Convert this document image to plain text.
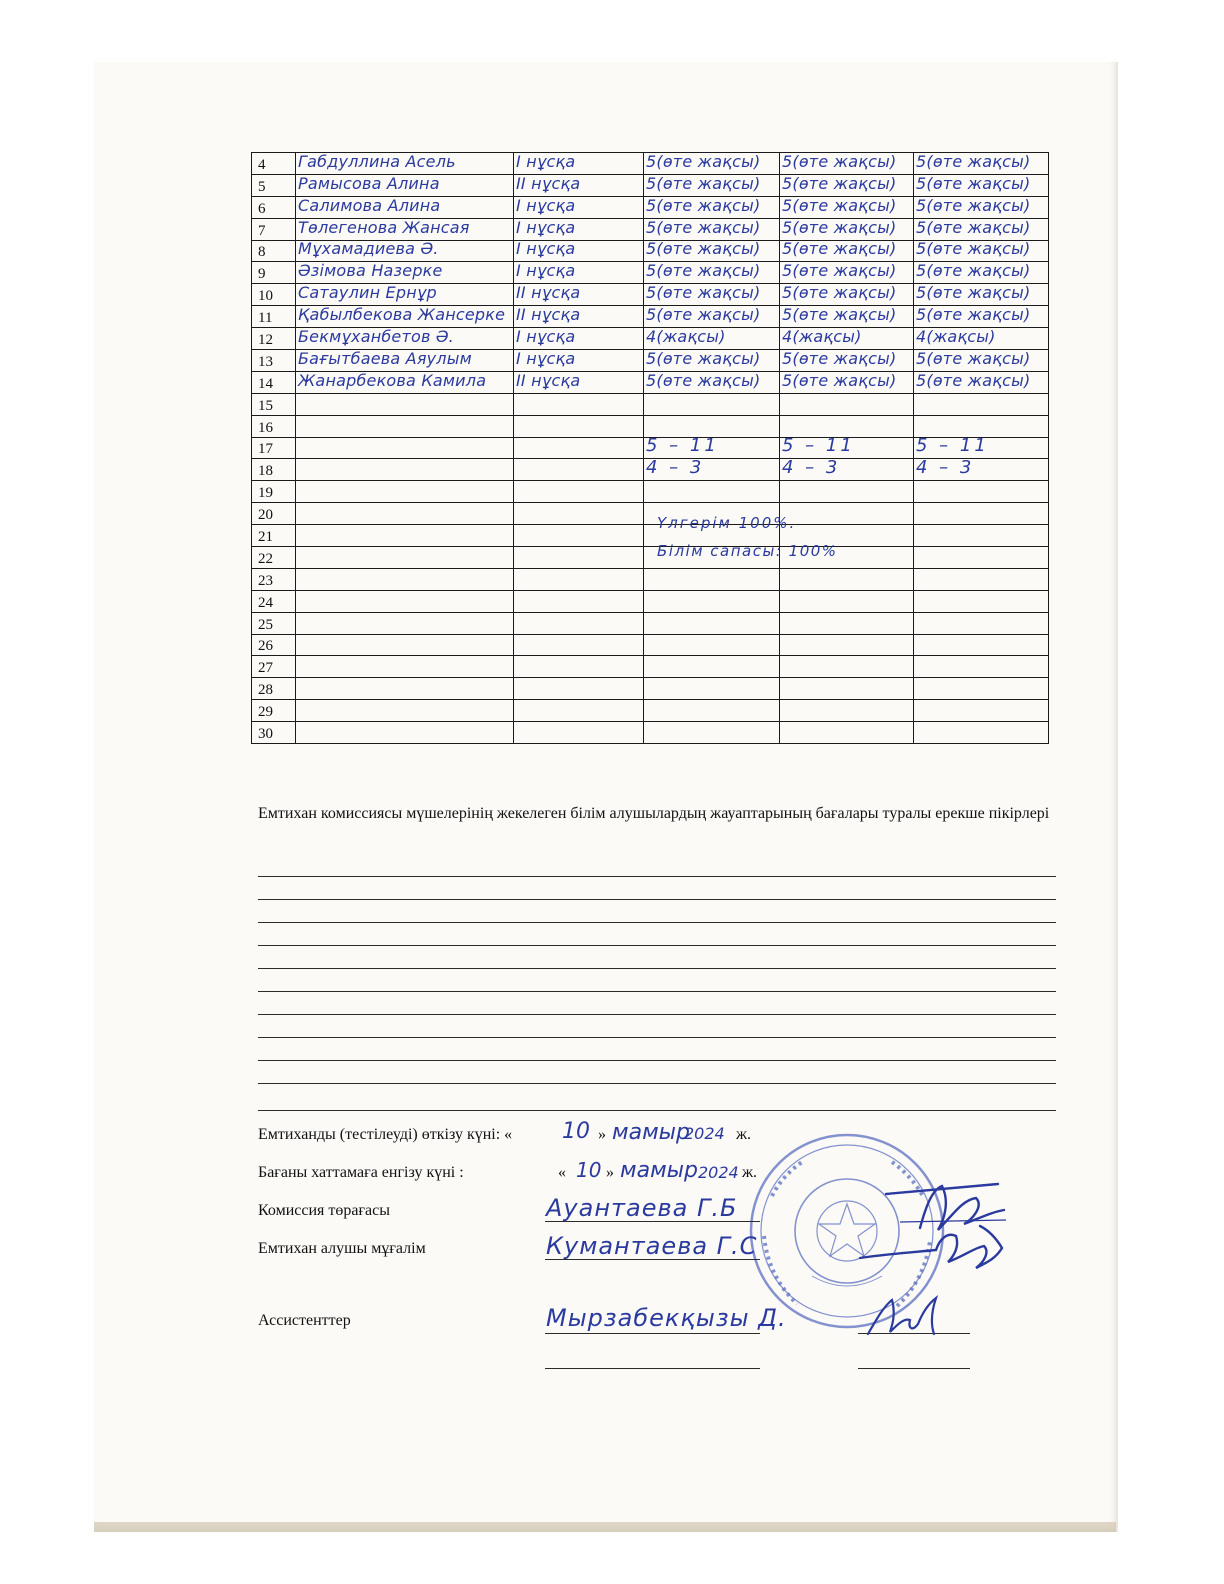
4	Габдуллина Асель	I нұсқа	5(өте жақсы)	5(өте жақсы)	5(өте жақсы)
5	Рамысова Алина	II нұсқа	5(өте жақсы)	5(өте жақсы)	5(өте жақсы)
6	Салимова Алина	I нұсқа	5(өте жақсы)	5(өте жақсы)	5(өте жақсы)
7	Төлегенова Жансая	I нұсқа	5(өте жақсы)	5(өте жақсы)	5(өте жақсы)
8	Мұхамадиева Ә.	I нұсқа	5(өте жақсы)	5(өте жақсы)	5(өте жақсы)
9	Әзімова Назерке	I нұсқа	5(өте жақсы)	5(өте жақсы)	5(өте жақсы)
10	Сатаулин Ернұр	II нұсқа	5(өте жақсы)	5(өте жақсы)	5(өте жақсы)
11	Қабылбекова Жансерке	II нұсқа	5(өте жақсы)	5(өте жақсы)	5(өте жақсы)
12	Бекмұханбетов Ә.	I нұсқа	4(жақсы)	4(жақсы)	4(жақсы)
13	Бағытбаева Аяулым	I нұсқа	5(өте жақсы)	5(өте жақсы)	5(өте жақсы)
14	Жанарбекова Камила	II нұсқа	5(өте жақсы)	5(өте жақсы)	5(өте жақсы)
15					
16					
17			5 – 11	5 – 11	5 – 11
18			4 – 3	4 – 3	4 – 3
19					
20					
21					
22					
23					
24					
25					
26					
27					
28					
29					
30					
Үлгерім 100%.
Білім сапасы: 100%
Емтихан комиссиясы мүшелерінің жекелеген білім алушылардың жауаптарының бағалары туралы ерекше пікірлері
Емтиханды (тестілеуді) өткізу күні: « 10 » мамыр
2024 ж.
Бағаны хаттамаға енгізу күні :	« 10 » мамыр 2024 ж.
Комиссия төрағасы	Ауантаева Г.Б
Емтихан алушы мұғалім	Кумантаева Г.С
Ассистенттер	Мырзабекқызы Д.
